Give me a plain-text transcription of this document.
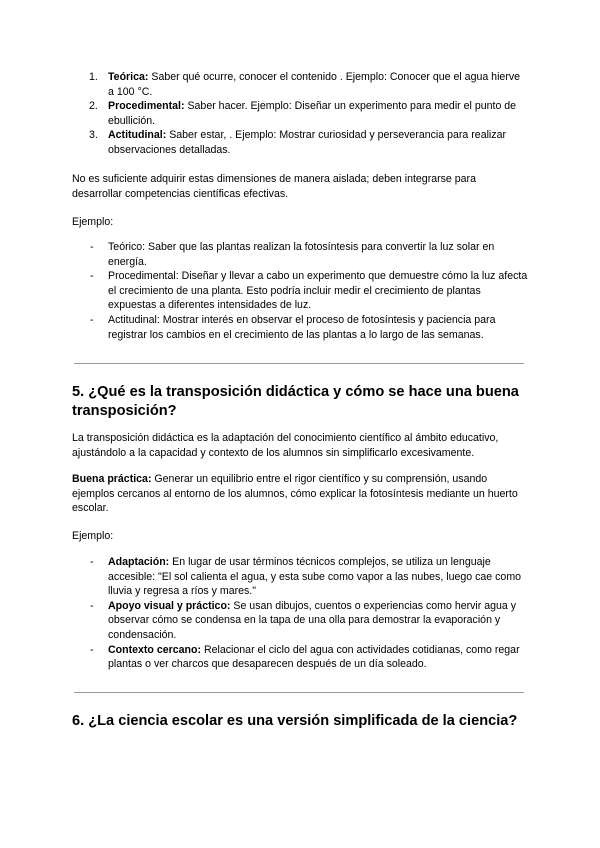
1. Teórica: Saber qué ocurre, conocer el contenido . Ejemplo: Conocer que el agua hierve a 100 °C.
2. Procedimental: Saber hacer. Ejemplo: Diseñar un experimento para medir el punto de ebullición.
3. Actitudinal: Saber estar, . Ejemplo: Mostrar curiosidad y perseverancia para realizar observaciones detalladas.

No es suficiente adquirir estas dimensiones de manera aislada; deben integrarse para desarrollar competencias científicas efectivas.

Ejemplo:

- Teórico: Saber que las plantas realizan la fotosíntesis para convertir la luz solar en energía.
- Procedimental: Diseñar y llevar a cabo un experimento que demuestre cómo la luz afecta el crecimiento de una planta. Esto podría incluir medir el crecimiento de plantas expuestas a diferentes intensidades de luz.
- Actitudinal: Mostrar interés en observar el proceso de fotosíntesis y paciencia para registrar los cambios en el crecimiento de las plantas a lo largo de las semanas.
5. ¿Qué es la transposición didáctica y cómo se hace una buena transposición?

La transposición didáctica es la adaptación del conocimiento científico al ámbito educativo, ajustándolo a la capacidad y contexto de los alumnos sin simplificarlo excesivamente.

Buena práctica: Generar un equilibrio entre el rigor científico y su comprensión, usando ejemplos cercanos al entorno de los alumnos, cómo explicar la fotosíntesis mediante un huerto escolar.

Ejemplo:

- Adaptación: En lugar de usar términos técnicos complejos, se utiliza un lenguaje accesible: "El sol calienta el agua, y esta sube como vapor a las nubes, luego cae como lluvia y regresa a ríos y mares."
- Apoyo visual y práctico: Se usan dibujos, cuentos o experiencias como hervir agua y observar cómo se condensa en la tapa de una olla para demostrar la evaporación y condensación.
- Contexto cercano: Relacionar el ciclo del agua con actividades cotidianas, como regar plantas o ver charcos que desaparecen después de un día soleado.
6. ¿La ciencia escolar es una versión simplificada de la ciencia?
